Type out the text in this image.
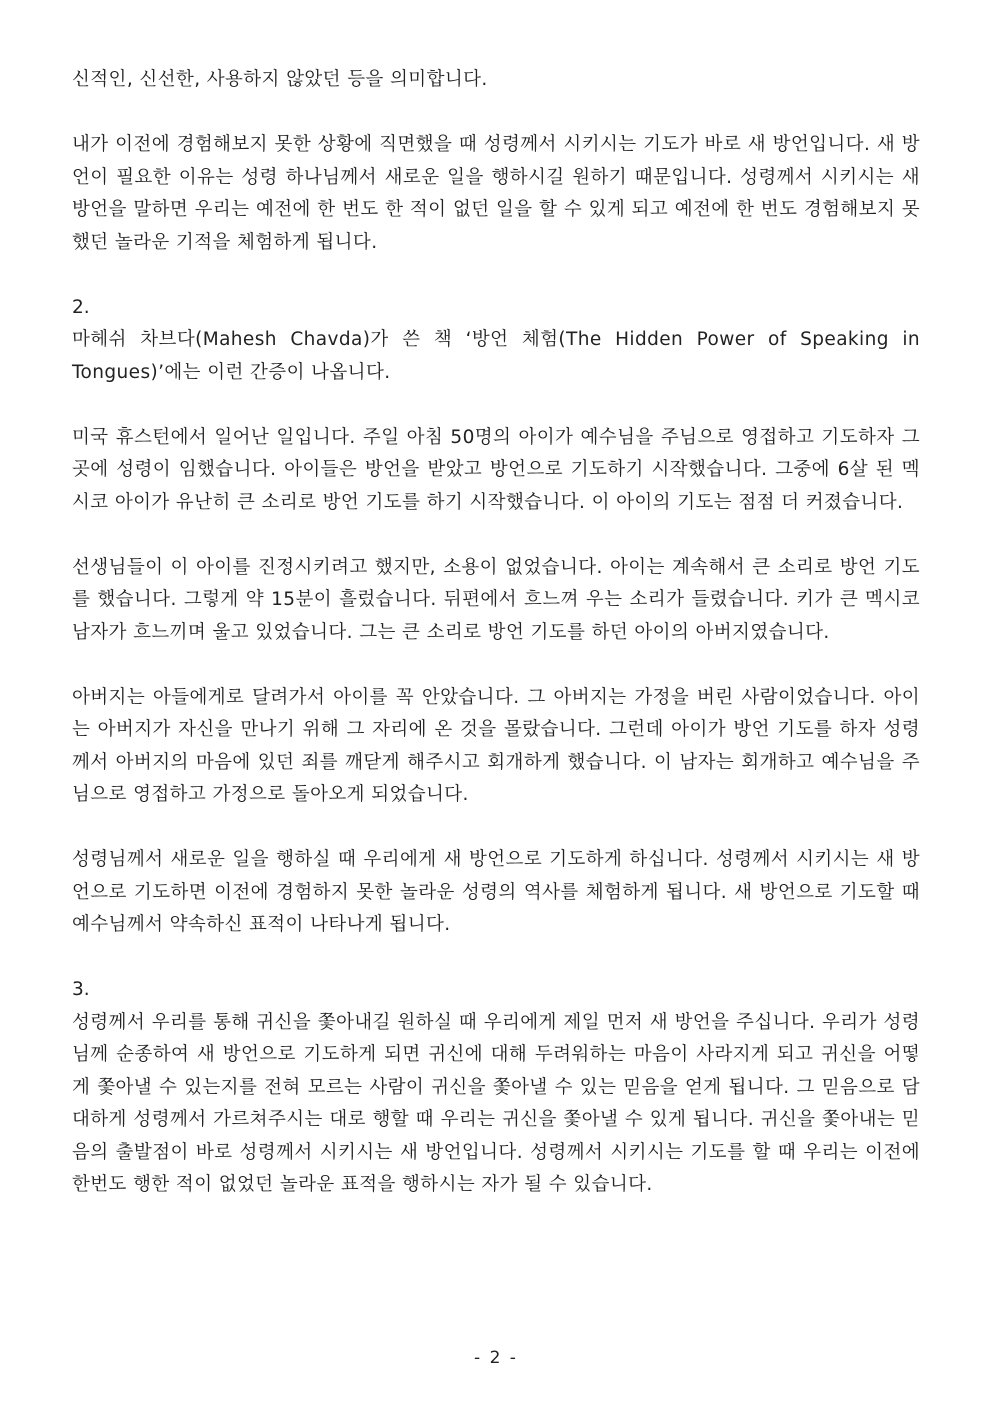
신적인, 신선한, 사용하지 않았던 등을 의미합니다.

내가 이전에 경험해보지 못한 상황에 직면했을 때 성령께서 시키시는 기도가 바로 새 방언입니다. 새 방언이 필요한 이유는 성령 하나님께서 새로운 일을 행하시길 원하기 때문입니다. 성령께서 시키시는 새 방언을 말하면 우리는 예전에 한 번도 한 적이 없던 일을 할 수 있게 되고 예전에 한 번도 경험해보지 못했던 놀라운 기적을 체험하게 됩니다.

2.

마헤쉬 차브다(Mahesh Chavda)가 쓴 책 ‘방언 체험(The Hidden Power of Speaking in Tongues)’에는 이런 간증이 나옵니다.

미국 휴스턴에서 일어난 일입니다. 주일 아침 50명의 아이가 예수님을 주님으로 영접하고 기도하자 그곳에 성령이 임했습니다. 아이들은 방언을 받았고 방언으로 기도하기 시작했습니다. 그중에 6살 된 멕시코 아이가 유난히 큰 소리로 방언 기도를 하기 시작했습니다. 이 아이의 기도는 점점 더 커졌습니다.

선생님들이 이 아이를 진정시키려고 했지만, 소용이 없었습니다. 아이는 계속해서 큰 소리로 방언 기도를 했습니다. 그렇게 약 15분이 흘렀습니다. 뒤편에서 흐느껴 우는 소리가 들렸습니다. 키가 큰 멕시코 남자가 흐느끼며 울고 있었습니다. 그는 큰 소리로 방언 기도를 하던 아이의 아버지였습니다.

아버지는 아들에게로 달려가서 아이를 꼭 안았습니다. 그 아버지는 가정을 버린 사람이었습니다. 아이는 아버지가 자신을 만나기 위해 그 자리에 온 것을 몰랐습니다. 그런데 아이가 방언 기도를 하자 성령께서 아버지의 마음에 있던 죄를 깨닫게 해주시고 회개하게 했습니다. 이 남자는 회개하고 예수님을 주님으로 영접하고 가정으로 돌아오게 되었습니다.

성령님께서 새로운 일을 행하실 때 우리에게 새 방언으로 기도하게 하십니다. 성령께서 시키시는 새 방언으로 기도하면 이전에 경험하지 못한 놀라운 성령의 역사를 체험하게 됩니다. 새 방언으로 기도할 때 예수님께서 약속하신 표적이 나타나게 됩니다.

3.

성령께서 우리를 통해 귀신을 쫓아내길 원하실 때 우리에게 제일 먼저 새 방언을 주십니다. 우리가 성령님께 순종하여 새 방언으로 기도하게 되면 귀신에 대해 두려워하는 마음이 사라지게 되고 귀신을 어떻게 쫓아낼 수 있는지를 전혀 모르는 사람이 귀신을 쫓아낼 수 있는 믿음을 얻게 됩니다. 그 믿음으로 담대하게 성령께서 가르쳐주시는 대로 행할 때 우리는 귀신을 쫓아낼 수 있게 됩니다. 귀신을 쫓아내는 믿음의 출발점이 바로 성령께서 시키시는 새 방언입니다. 성령께서 시키시는 기도를 할 때 우리는 이전에 한번도 행한 적이 없었던 놀라운 표적을 행하시는 자가 될 수 있습니다.

- 2 -
